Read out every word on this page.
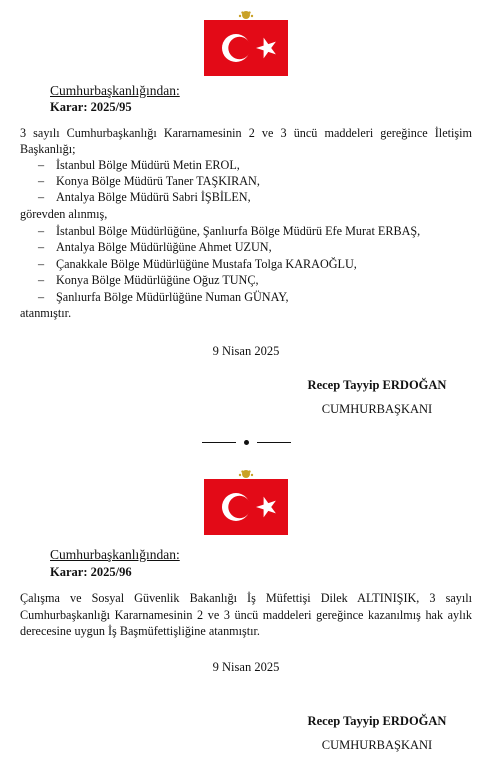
Cumhurbaşkanlığından:
Karar: 2025/95
3 sayılı Cumhurbaşkanlığı Kararnamesinin 2 ve 3 üncü maddeleri gereğince İletişim
Başkanlığı;
– İstanbul Bölge Müdürü Metin EROL,
– Konya Bölge Müdürü Taner TAŞKIRAN,
– Antalya Bölge Müdürü Sabri İŞBİLEN,
görevden alınmış,
– İstanbul Bölge Müdürlüğüne, Şanlıurfa Bölge Müdürü Efe Murat ERBAŞ,
– Antalya Bölge Müdürlüğüne Ahmet UZUN,
– Çanakkale Bölge Müdürlüğüne Mustafa Tolga KARAOĞLU,
– Konya Bölge Müdürlüğüne Oğuz TUNÇ,
– Şanlıurfa Bölge Müdürlüğüne Numan GÜNAY,
atanmıştır.
9 Nisan 2025
Recep Tayyip ERDOĞAN
CUMHURBAŞKANI
Cumhurbaşkanlığından:
Karar: 2025/96
Çalışma ve Sosyal Güvenlik Bakanlığı İş Müfettişi Dilek ALTINIŞIK, 3 sayılı
Cumhurbaşkanlığı Kararnamesinin 2 ve 3 üncü maddeleri gereğince kazanılmış hak aylık
derecesine uygun İş Başmüfettişliğine atanmıştır.
9 Nisan 2025
Recep Tayyip ERDOĞAN
CUMHURBAŞKANI
